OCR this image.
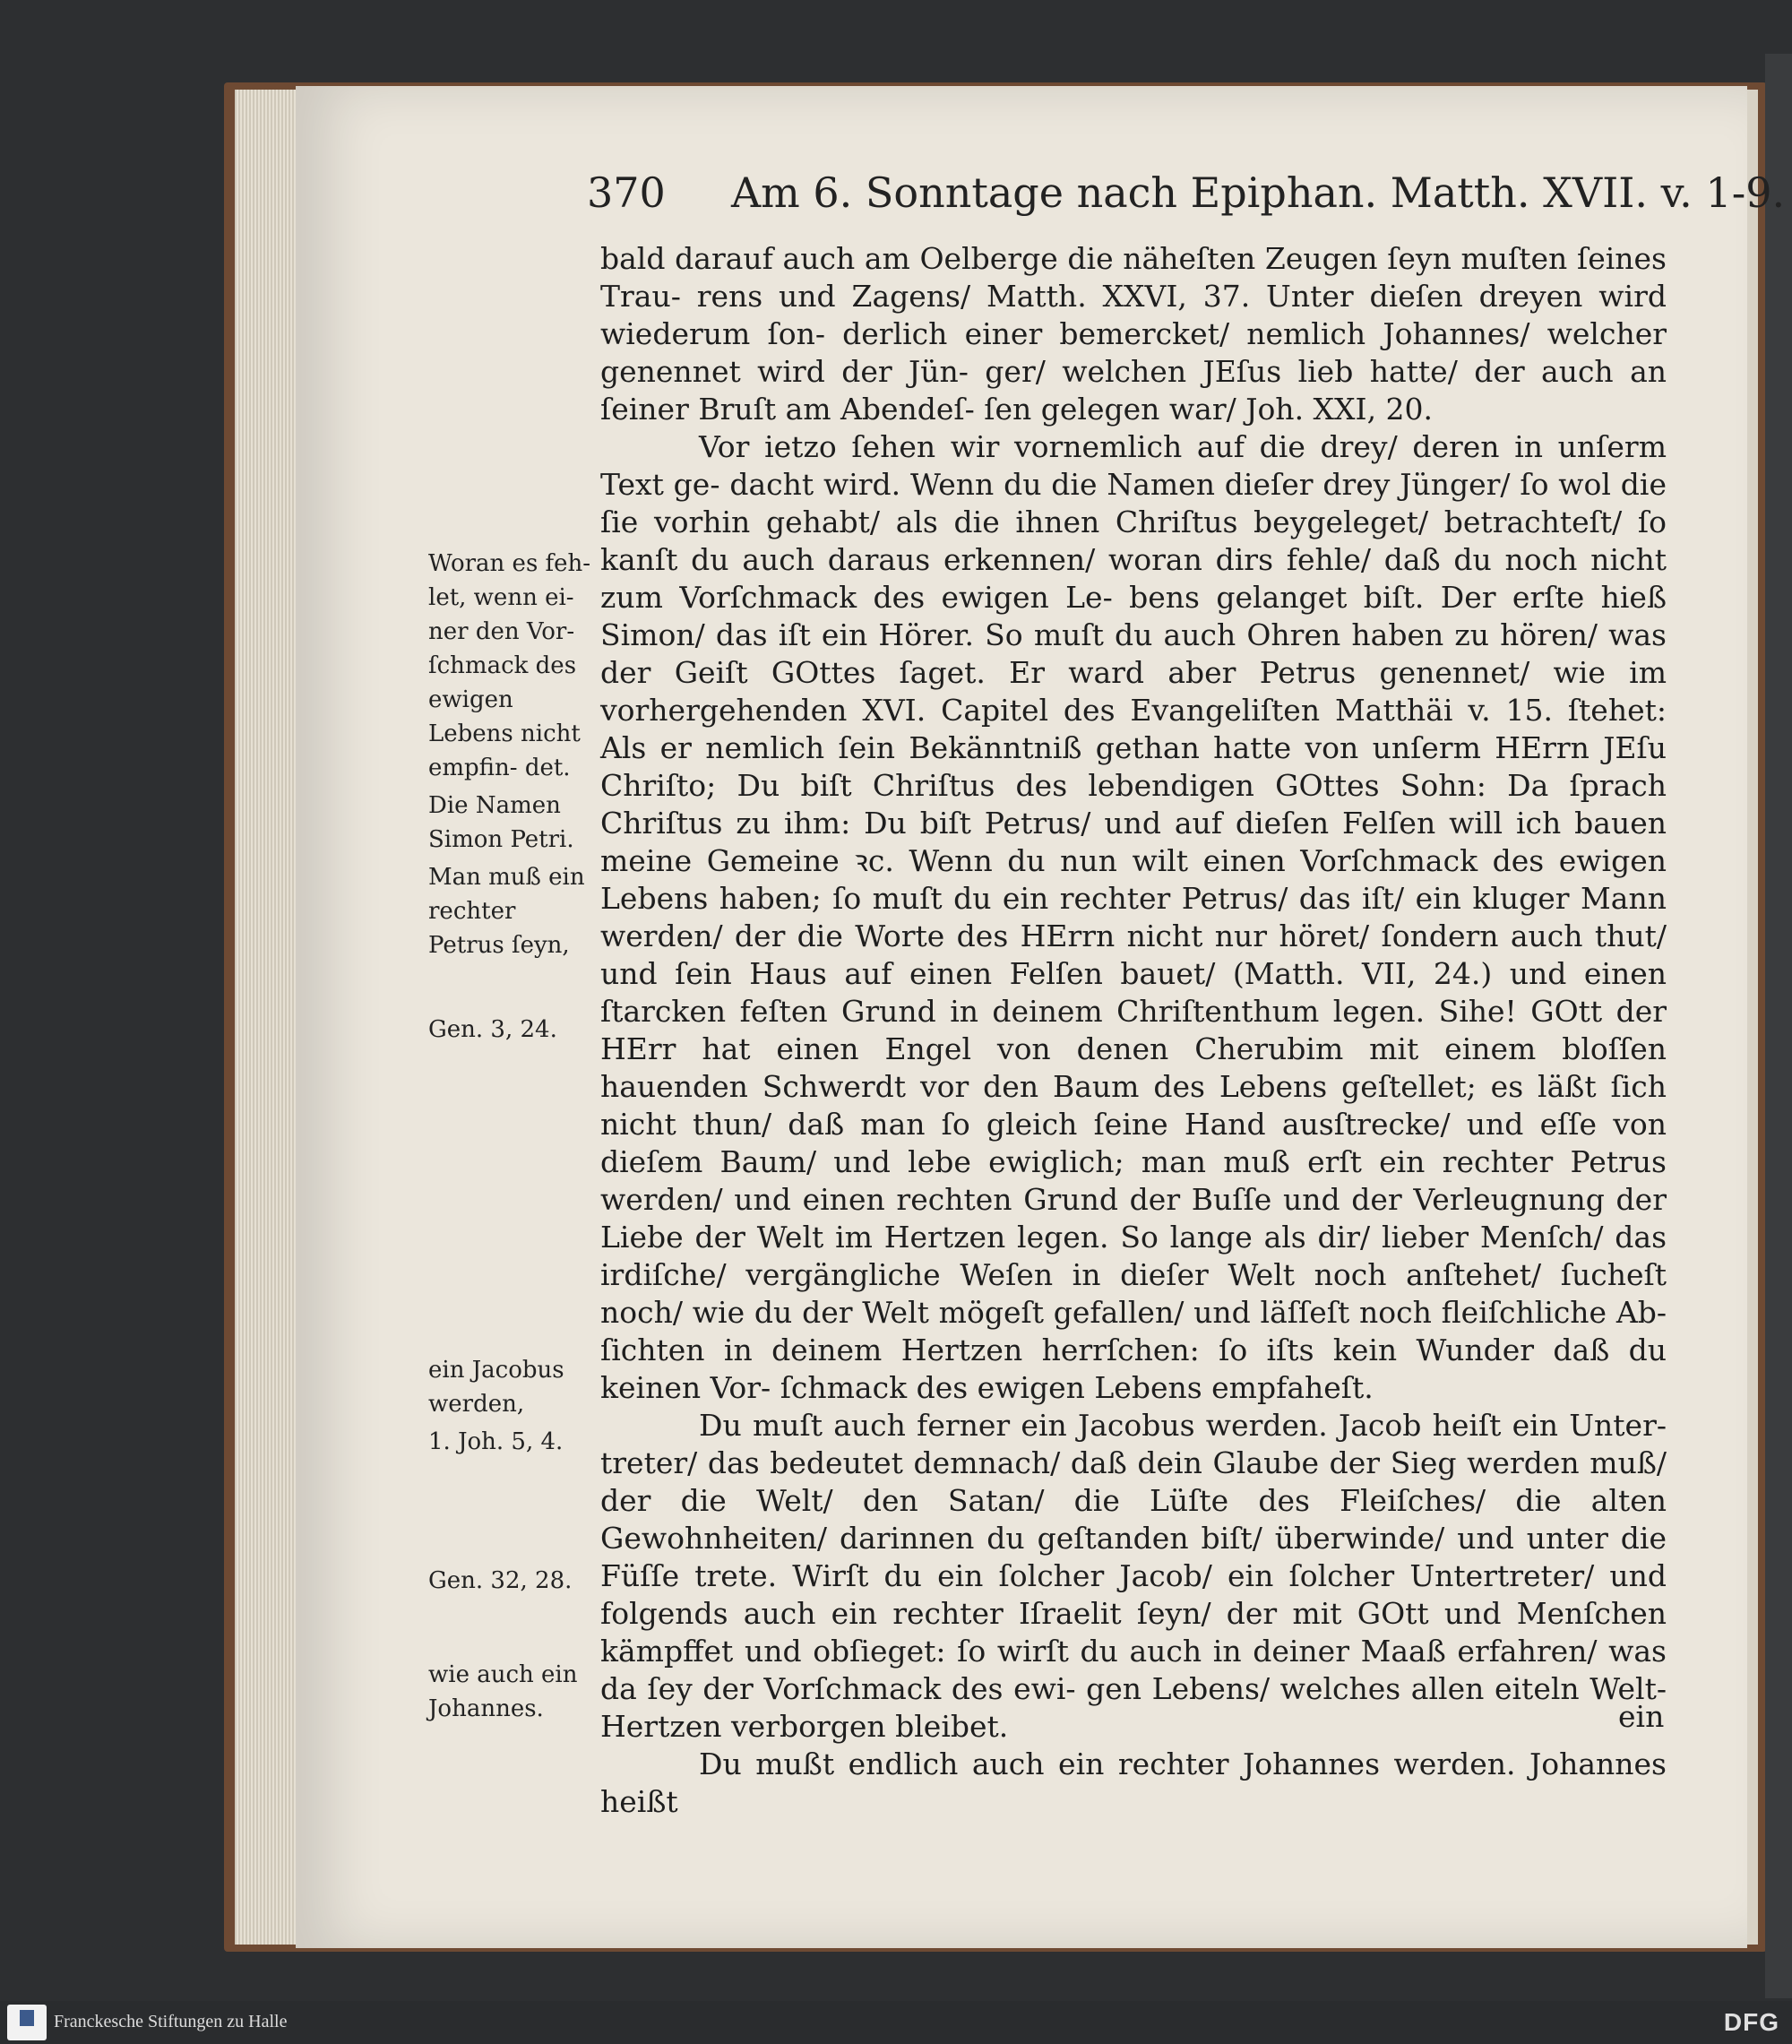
370 Am 6. Sonntage nach Epiphan. Matth. XVII. v. 1-9.

bald darauf auch am Oelberge die näheſten Zeugen ſeyn muſten ſeines Trau- rens und Zagens/ Matth. XXVI, 37. Unter dieſen dreyen wird wiederum ſon- derlich einer bemercket/ nemlich Johannes/ welcher genennet wird der Jün- ger/ welchen JEſus lieb hatte/ der auch an ſeiner Bruſt am Abendeſ- ſen gelegen war/ Joh. XXI, 20.

Vor ietzo ſehen wir vornemlich auf die drey/ deren in unſerm Text ge- dacht wird. Wenn du die Namen dieſer drey Jünger/ ſo wol die ſie vorhin gehabt/ als die ihnen Chriſtus beygeleget/ betrachteſt/ ſo kanſt du auch daraus erkennen/ woran dirs fehle/ daß du noch nicht zum Vorſchmack des ewigen Le- bens gelanget biſt. Der erſte hieß Simon/ das iſt ein Hörer. So muſt du auch Ohren haben zu hören/ was der Geiſt GOttes ſaget. Er ward aber Petrus genennet/ wie im vorhergehenden XVI. Capitel des Evangeliſten Matthäi v. 15. ſtehet: Als er nemlich ſein Bekänntniß gethan hatte von unſerm HErrn JEſu Chriſto; Du biſt Chriſtus des lebendigen GOttes Sohn: Da ſprach Chriſtus zu ihm: Du biſt Petrus/ und auf dieſen Felſen will ich bauen meine Gemeine ꝛc. Wenn du nun wilt einen Vorſchmack des ewigen Lebens haben; ſo muſt du ein rechter Petrus/ das iſt/ ein kluger Mann werden/ der die Worte des HErrn nicht nur höret/ ſondern auch thut/ und ſein Haus auf einen Felſen bauet/ (Matth. VII, 24.) und einen ſtarcken feſten Grund in deinem Chriſtenthum legen. Sihe! GOtt der HErr hat einen Engel von denen Cherubim mit einem bloſſen hauenden Schwerdt vor den Baum des Lebens geſtellet; es läßt ſich nicht thun/ daß man ſo gleich ſeine Hand ausſtrecke/ und eſſe von dieſem Baum/ und lebe ewiglich; man muß erſt ein rechter Petrus werden/ und einen rechten Grund der Buſſe und der Verleugnung der Liebe der Welt im Hertzen legen. So lange als dir/ lieber Menſch/ das irdiſche/ vergängliche Weſen in dieſer Welt noch anſtehet/ ſucheſt noch/ wie du der Welt mögeſt gefallen/ und läſſeſt noch fleiſchliche Ab- ſichten in deinem Hertzen herrſchen: ſo iſts kein Wunder daß du keinen Vor- ſchmack des ewigen Lebens empfaheſt.

Du muſt auch ferner ein Jacobus werden. Jacob heiſt ein Unter- treter/ das bedeutet demnach/ daß dein Glaube der Sieg werden muß/ der die Welt/ den Satan/ die Lüſte des Fleiſches/ die alten Gewohnheiten/ darinnen du geſtanden biſt/ überwinde/ und unter die Füſſe trete. Wirſt du ein ſolcher Jacob/ ein ſolcher Untertreter/ und folgends auch ein rechter Iſraelit ſeyn/ der mit GOtt und Menſchen kämpffet und obſieget: ſo wirſt du auch in deiner Maaß erfahren/ was da ſey der Vorſchmack des ewi- gen Lebens/ welches allen eiteln Welt-Hertzen verborgen bleibet.

Du mußt endlich auch ein rechter Johannes werden. Johannes heißt

ein
Woran es feh- let, wenn ei- ner den Vor- ſchmack des ewigen Lebens nicht empfin- det.
Die Namen Simon Petri.
Man muß ein rechter Petrus ſeyn,
Gen. 3, 24.
ein Jacobus werden,
1. Joh. 5, 4.
Gen. 32, 28.
wie auch ein Johannes.
Franckesche Stiftungen zu Halle	DFG
